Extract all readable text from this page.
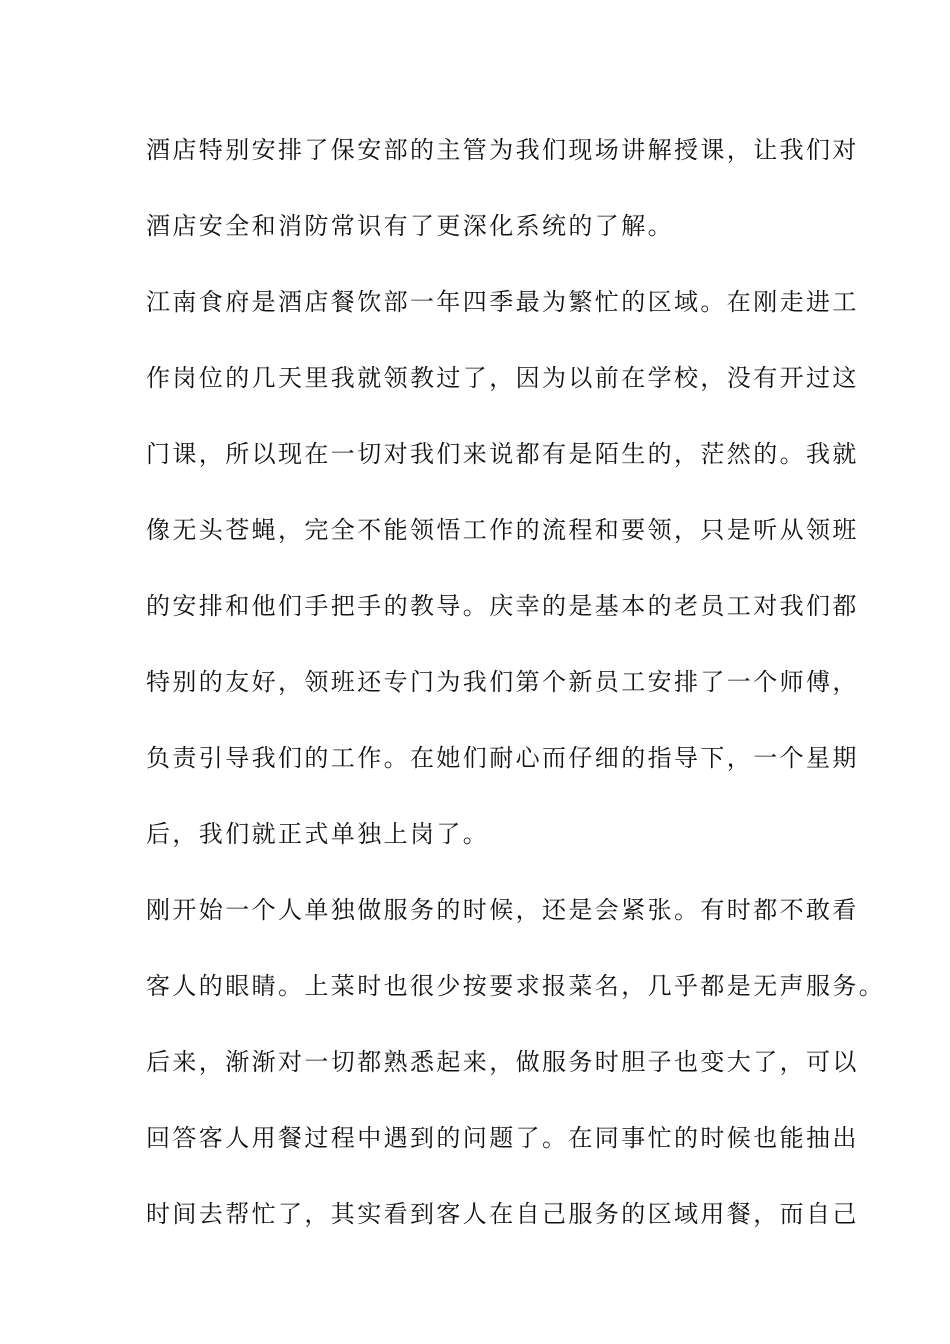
酒店特别安排了保安部的主管为我们现场讲解授课，让我们对
酒店安全和消防常识有了更深化系统的了解。
江南食府是酒店餐饮部一年四季最为繁忙的区域。在刚走进工
作岗位的几天里我就领教过了，因为以前在学校，没有开过这
门课，所以现在一切对我们来说都有是陌生的，茫然的。我就
像无头苍蝇，完全不能领悟工作的流程和要领，只是听从领班
的安排和他们手把手的教导。庆幸的是基本的老员工对我们都
特别的友好，领班还专门为我们第个新员工安排了一个师傅，
负责引导我们的工作。在她们耐心而仔细的指导下，一个星期
后，我们就正式单独上岗了。
刚开始一个人单独做服务的时候，还是会紧张。有时都不敢看
客人的眼睛。上菜时也很少按要求报菜名，几乎都是无声服务。
后来，渐渐对一切都熟悉起来，做服务时胆子也变大了，可以
回答客人用餐过程中遇到的问题了。在同事忙的时候也能抽出
时间去帮忙了，其实看到客人在自己服务的区域用餐，而自己
